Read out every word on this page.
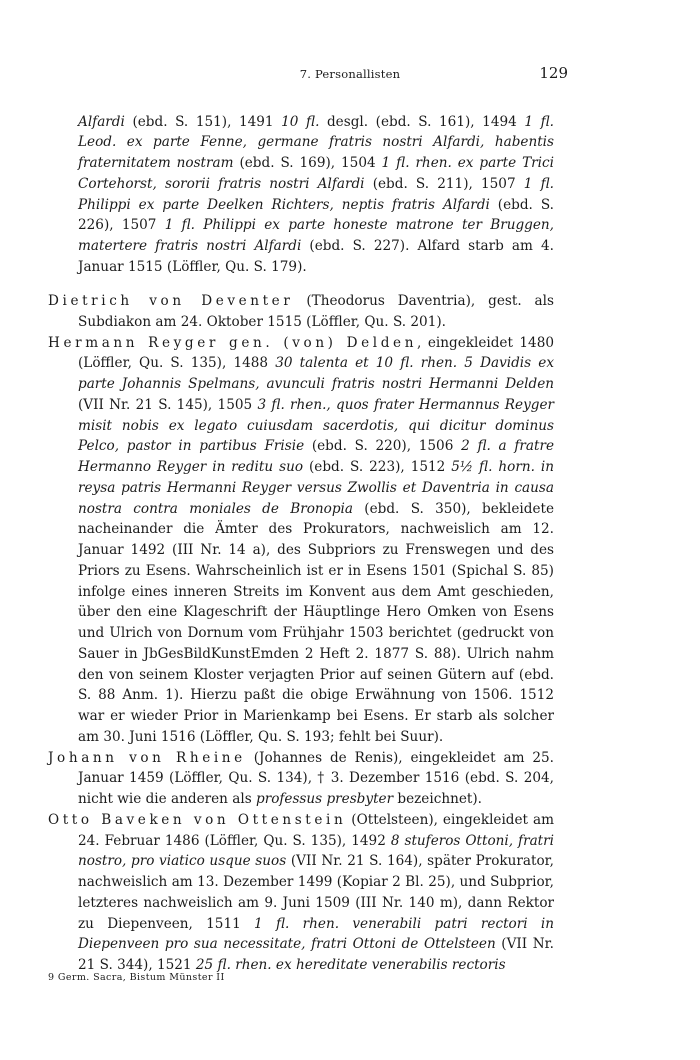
7. Personallisten	129

Alfardi (ebd. S. 151), 1491 10 fl. desgl. (ebd. S. 161), 1494 1 fl. Leod. ex parte Fenne, germane fratris nostri Alfardi, habentis fraternitatem nostram (ebd. S. 169), 1504 1 fl. rhen. ex parte Trici Cortehorst, sororii fratris nostri Alfardi (ebd. S. 211), 1507 1 fl. Philippi ex parte Deelken Richters, neptis fratris Alfardi (ebd. S. 226), 1507 1 fl. Philippi ex parte honeste matrone ter Bruggen, matertere fratris nostri Alfardi (ebd. S. 227). Alfard starb am 4. Januar 1515 (Löffler, Qu. S. 179).

Dietrich von Deventer (Theodorus Daventria), gest. als Subdiakon am 24. Oktober 1515 (Löffler, Qu. S. 201).

Hermann Reyger gen. (von) Delden, eingekleidet 1480 (Löffler, Qu. S. 135), 1488 30 talenta et 10 fl. rhen. 5 Davidis ex parte Johannis Spelmans, avunculi fratris nostri Hermanni Delden (VII Nr. 21 S. 145), 1505 3 fl. rhen., quos frater Hermannus Reyger misit nobis ex legato cuiusdam sacerdotis, qui dicitur dominus Pelco, pastor in partibus Frisie (ebd. S. 220), 1506 2 fl. a fratre Hermanno Reyger in reditu suo (ebd. S. 223), 1512 5½ fl. horn. in reysa patris Hermanni Reyger versus Zwollis et Daventria in causa nostra contra moniales de Bronopia (ebd. S. 350), bekleidete nacheinander die Ämter des Prokurators, nachweislich am 12. Januar 1492 (III Nr. 14 a), des Subpriors zu Frenswegen und des Priors zu Esens. Wahrscheinlich ist er in Esens 1501 (Spichal S. 85) infolge eines inneren Streits im Konvent aus dem Amt geschieden, über den eine Klageschrift der Häuptlinge Hero Omken von Esens und Ulrich von Dornum vom Frühjahr 1503 berichtet (gedruckt von Sauer in JbGesBildKunstEmden 2 Heft 2. 1877 S. 88). Ulrich nahm den von seinem Kloster verjagten Prior auf seinen Gütern auf (ebd. S. 88 Anm. 1). Hierzu paßt die obige Erwähnung von 1506. 1512 war er wieder Prior in Marienkamp bei Esens. Er starb als solcher am 30. Juni 1516 (Löffler, Qu. S. 193; fehlt bei Suur).

Johann von Rheine (Johannes de Renis), eingekleidet am 25. Januar 1459 (Löffler, Qu. S. 134), † 3. Dezember 1516 (ebd. S. 204, nicht wie die anderen als professus presbyter bezeichnet).

Otto Baveken von Ottenstein (Ottelsteen), eingekleidet am 24. Februar 1486 (Löffler, Qu. S. 135), 1492 8 stuferos Ottoni, fratri nostro, pro viatico usque suos (VII Nr. 21 S. 164), später Prokurator, nachweislich am 13. Dezember 1499 (Kopiar 2 Bl. 25), und Subprior, letzteres nachweislich am 9. Juni 1509 (III Nr. 140 m), dann Rektor zu Diepenveen, 1511 1 fl. rhen. venerabili patri rectori in Diepenveen pro sua necessitate, fratri Ottoni de Ottelsteen (VII Nr. 21 S. 344), 1521 25 fl. rhen. ex hereditate venerabilis rectoris

9 Germ. Sacra, Bistum Münster II
